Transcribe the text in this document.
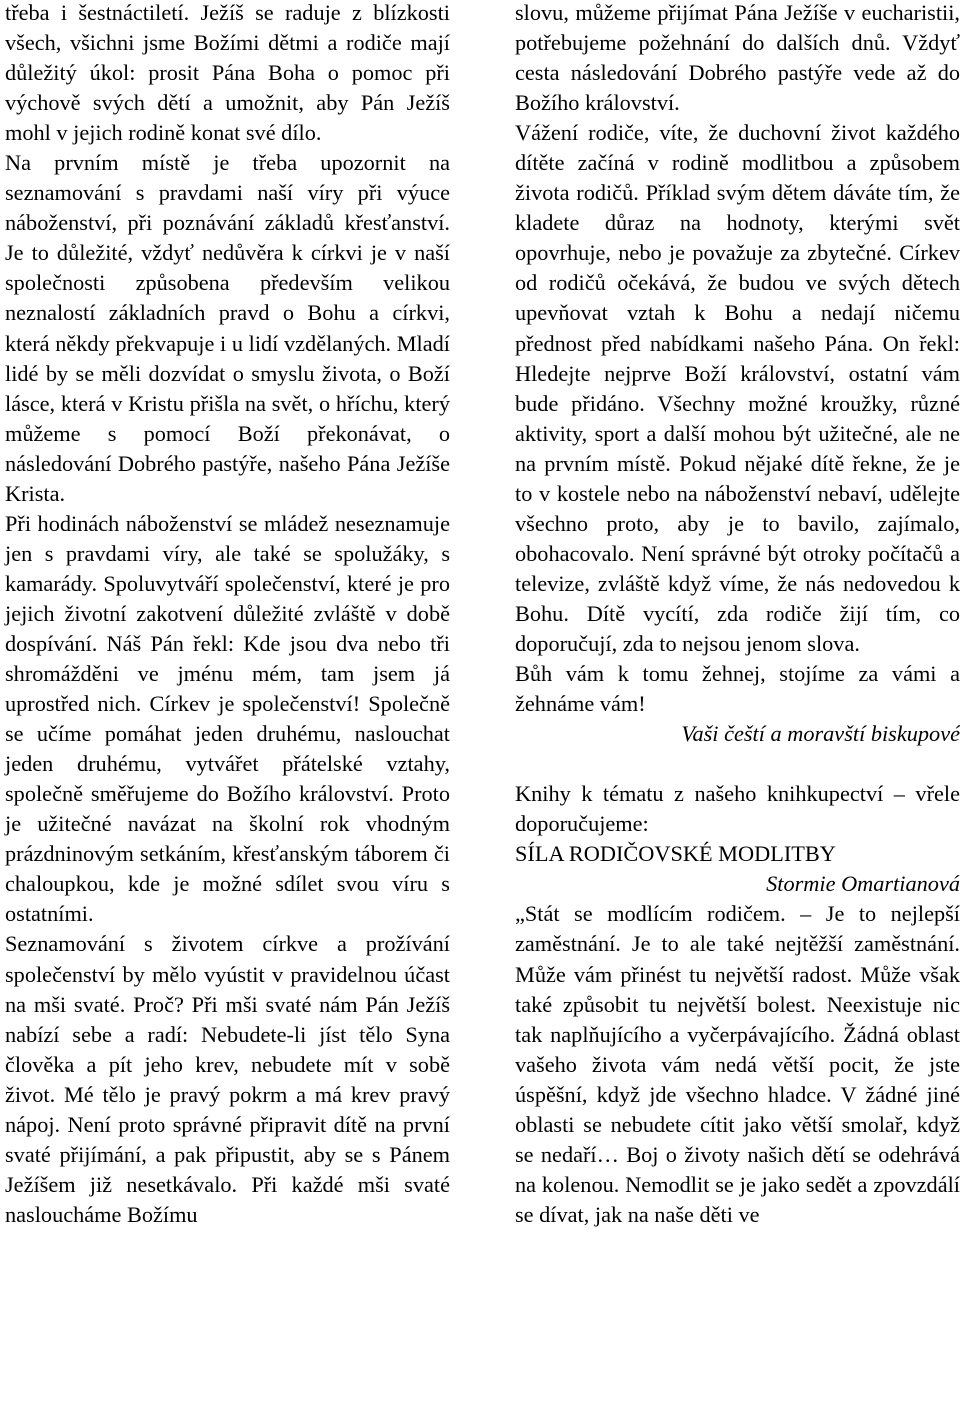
třeba i šestnáctiletí. Ježíš se raduje z blízkosti všech, všichni jsme Božími dětmi a rodiče mají důležitý úkol: prosit Pána Boha o pomoc při výchově svých dětí a umožnit, aby Pán Ježíš mohl v jejich rodině konat své dílo.

Na prvním místě je třeba upozornit na seznamování s pravdami naší víry při výuce náboženství, při poznávání základů křesťanství. Je to důležité, vždyť nedůvěra k církvi je v naší společnosti způsobena především velikou neznalostí základních pravd o Bohu a církvi, která někdy překvapuje i u lidí vzdělaných. Mladí lidé by se měli dozvídat o smyslu života, o Boží lásce, která v Kristu přišla na svět, o hříchu, který můžeme s pomocí Boží překonávat, o následování Dobrého pastýře, našeho Pána Ježíše Krista.

Při hodinách náboženství se mládež neseznamuje jen s pravdami víry, ale také se spolužáky, s kamarády. Spoluvytváří společenství, které je pro jejich životní zakotvení důležité zvláště v době dospívání. Náš Pán řekl: Kde jsou dva nebo tři shromážděni ve jménu mém, tam jsem já uprostřed nich. Církev je společenství! Společně se učíme pomáhat jeden druhému, naslouchat jeden druhému, vytvářet přátelské vztahy, společně směřujeme do Božího království. Proto je užitečné navázat na školní rok vhodným prázdninovým setkáním, křesťanským táborem či chaloupkou, kde je možné sdílet svou víru s ostatními.

Seznamování s životem církve a prožívání společenství by mělo vyústit v pravidelnou účast na mši svaté. Proč? Při mši svaté nám Pán Ježíš nabízí sebe a radí: Nebudete-li jíst tělo Syna člověka a pít jeho krev, nebudete mít v sobě život. Mé tělo je pravý pokrm a má krev pravý nápoj. Není proto správné připravit dítě na první svaté přijímání, a pak připustit, aby se s Pánem Ježíšem již nesetkávalo. Při každé mši svaté nasloucháme Božímu

slovu, můžeme přijímat Pána Ježíše v eucharistii, potřebujeme požehnání do dalších dnů. Vždyť cesta následování Dobrého pastýře vede až do Božího království.

Vážení rodiče, víte, že duchovní život každého dítěte začíná v rodině modlitbou a způsobem života rodičů. Příklad svým dětem dáváte tím, že kladete důraz na hodnoty, kterými svět opovrhuje, nebo je považuje za zbytečné. Církev od rodičů očekává, že budou ve svých dětech upevňovat vztah k Bohu a nedají ničemu přednost před nabídkami našeho Pána. On řekl: Hledejte nejprve Boží království, ostatní vám bude přidáno. Všechny možné kroužky, různé aktivity, sport a další mohou být užitečné, ale ne na prvním místě. Pokud nějaké dítě řekne, že je to v kostele nebo na náboženství nebaví, udělejte všechno proto, aby je to bavilo, zajímalo, obohacovalo. Není správné být otroky počítačů a televize, zvláště když víme, že nás nedovedou k Bohu. Dítě vycítí, zda rodiče žijí tím, co doporučují, zda to nejsou jenom slova.

Bůh vám k tomu žehnej, stojíme za vámi a žehnáme vám!

Vaši čeští a moravští biskupové

Knihy k tématu z našeho knihkupectví – vřele doporučujeme:

SÍLA RODIČOVSKÉ MODLITBY

Stormie Omartianová

„Stát se modlícím rodičem. – Je to nejlepší zaměstnání. Je to ale také nejtěžší zaměstnání. Může vám přinést tu největší radost. Může však také způsobit tu největší bolest. Neexistuje nic tak naplňujícího a vyčerpávajícího. Žádná oblast vašeho života vám nedá větší pocit, že jste úspěšní, když jde všechno hladce. V žádné jiné oblasti se nebudete cítit jako větší smolař, když se nedaří… Boj o životy našich dětí se odehrává na kolenou. Nemodlit se je jako sedět a zpovzdálí se dívat, jak na naše děti ve
